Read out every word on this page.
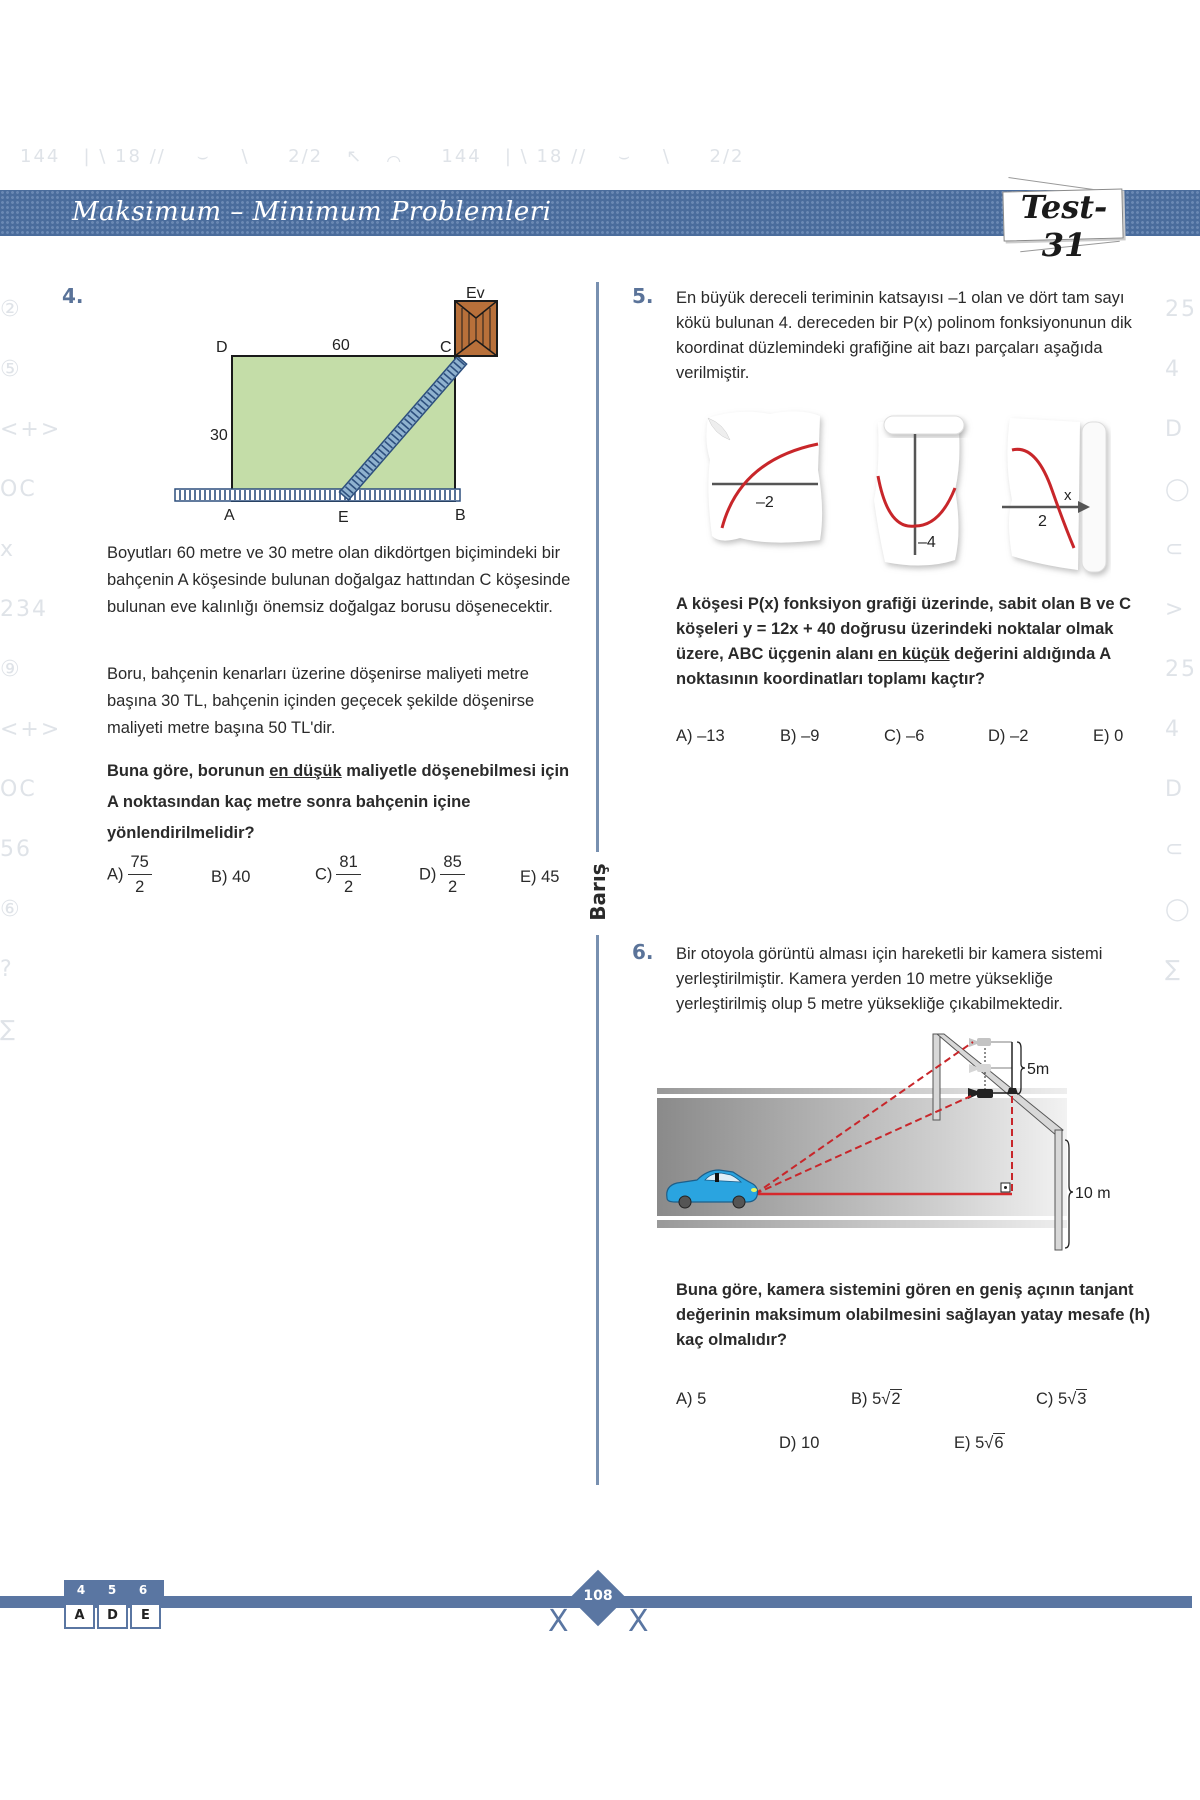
144   | \ 18 //    ⌣    \     2/2   ↖   ⌒     144   | \ 18 //    ⌣    \     2/2
②
⑤
<+>
OC
x
234
⑨
<+>
OC
56
⑥
?
∑
25
4
D
◯
⊂
>
25
4
D
⊂
◯
∑
Maksimum – Minimum Problemleri	Test-31
Barış
4.	Ev
D	60	C
30
A	E	B
Boyutları 60 metre ve 30 metre olan dikdörtgen biçimindeki bir bahçenin A köşesinde bulunan doğalgaz hattından C köşesinde bulunan eve kalınlığı önemsiz doğalgaz borusu döşenecektir.
Boru, bahçenin kenarları üzerine döşenirse maliyeti metre başına 30 TL, bahçenin içinden geçecek şekilde döşenirse maliyeti metre başına 50 TL'dir.
Buna göre, borunun en düşük maliyetle döşenebilmesi için A noktasından kaç metre sonra bahçenin içine yönlendirilmelidir?
$A) \frac{75}{2}$	B) 40	$C) \frac{81}{2}$	$D) \frac{85}{2}$	E) 45
5. En büyük dereceli teriminin katsayısı –1 olan ve dört tam sayı kökü bulunan 4. dereceden bir P(x) polinom fonksiyonunun dik koordinat düzlemindeki grafiğine ait bazı parçaları aşağıda verilmiştir.
–2
–4
x
2
A köşesi P(x) fonksiyon grafiği üzerinde, sabit olan B ve C köşeleri y = 12x + 40 doğrusu üzerindeki noktalar olmak üzere, ABC üçgenin alanı en küçük değerini aldığında A noktasının koordinatları toplamı kaçtır?
A) –13	B) –9	C) –6	D) –2	E) 0
6. Bir otoyola görüntü alması için hareketli bir kamera sistemi yerleştirilmiştir. Kamera yerden 10 metre yüksekliğe yerleştirilmiş olup 5 metre yüksekliğe çıkabilmektedir.
5m
10 m
Buna göre, kamera sistemini gören en geniş açının tanjant değerinin maksimum olabilmesini sağlayan yatay mesafe (h) kaç olmalıdır?
A) 5	B) 5√2	C) 5√3
D) 10	E) 5√6
4	5	6
A	D	E	Ẋ
108
Ẋ
